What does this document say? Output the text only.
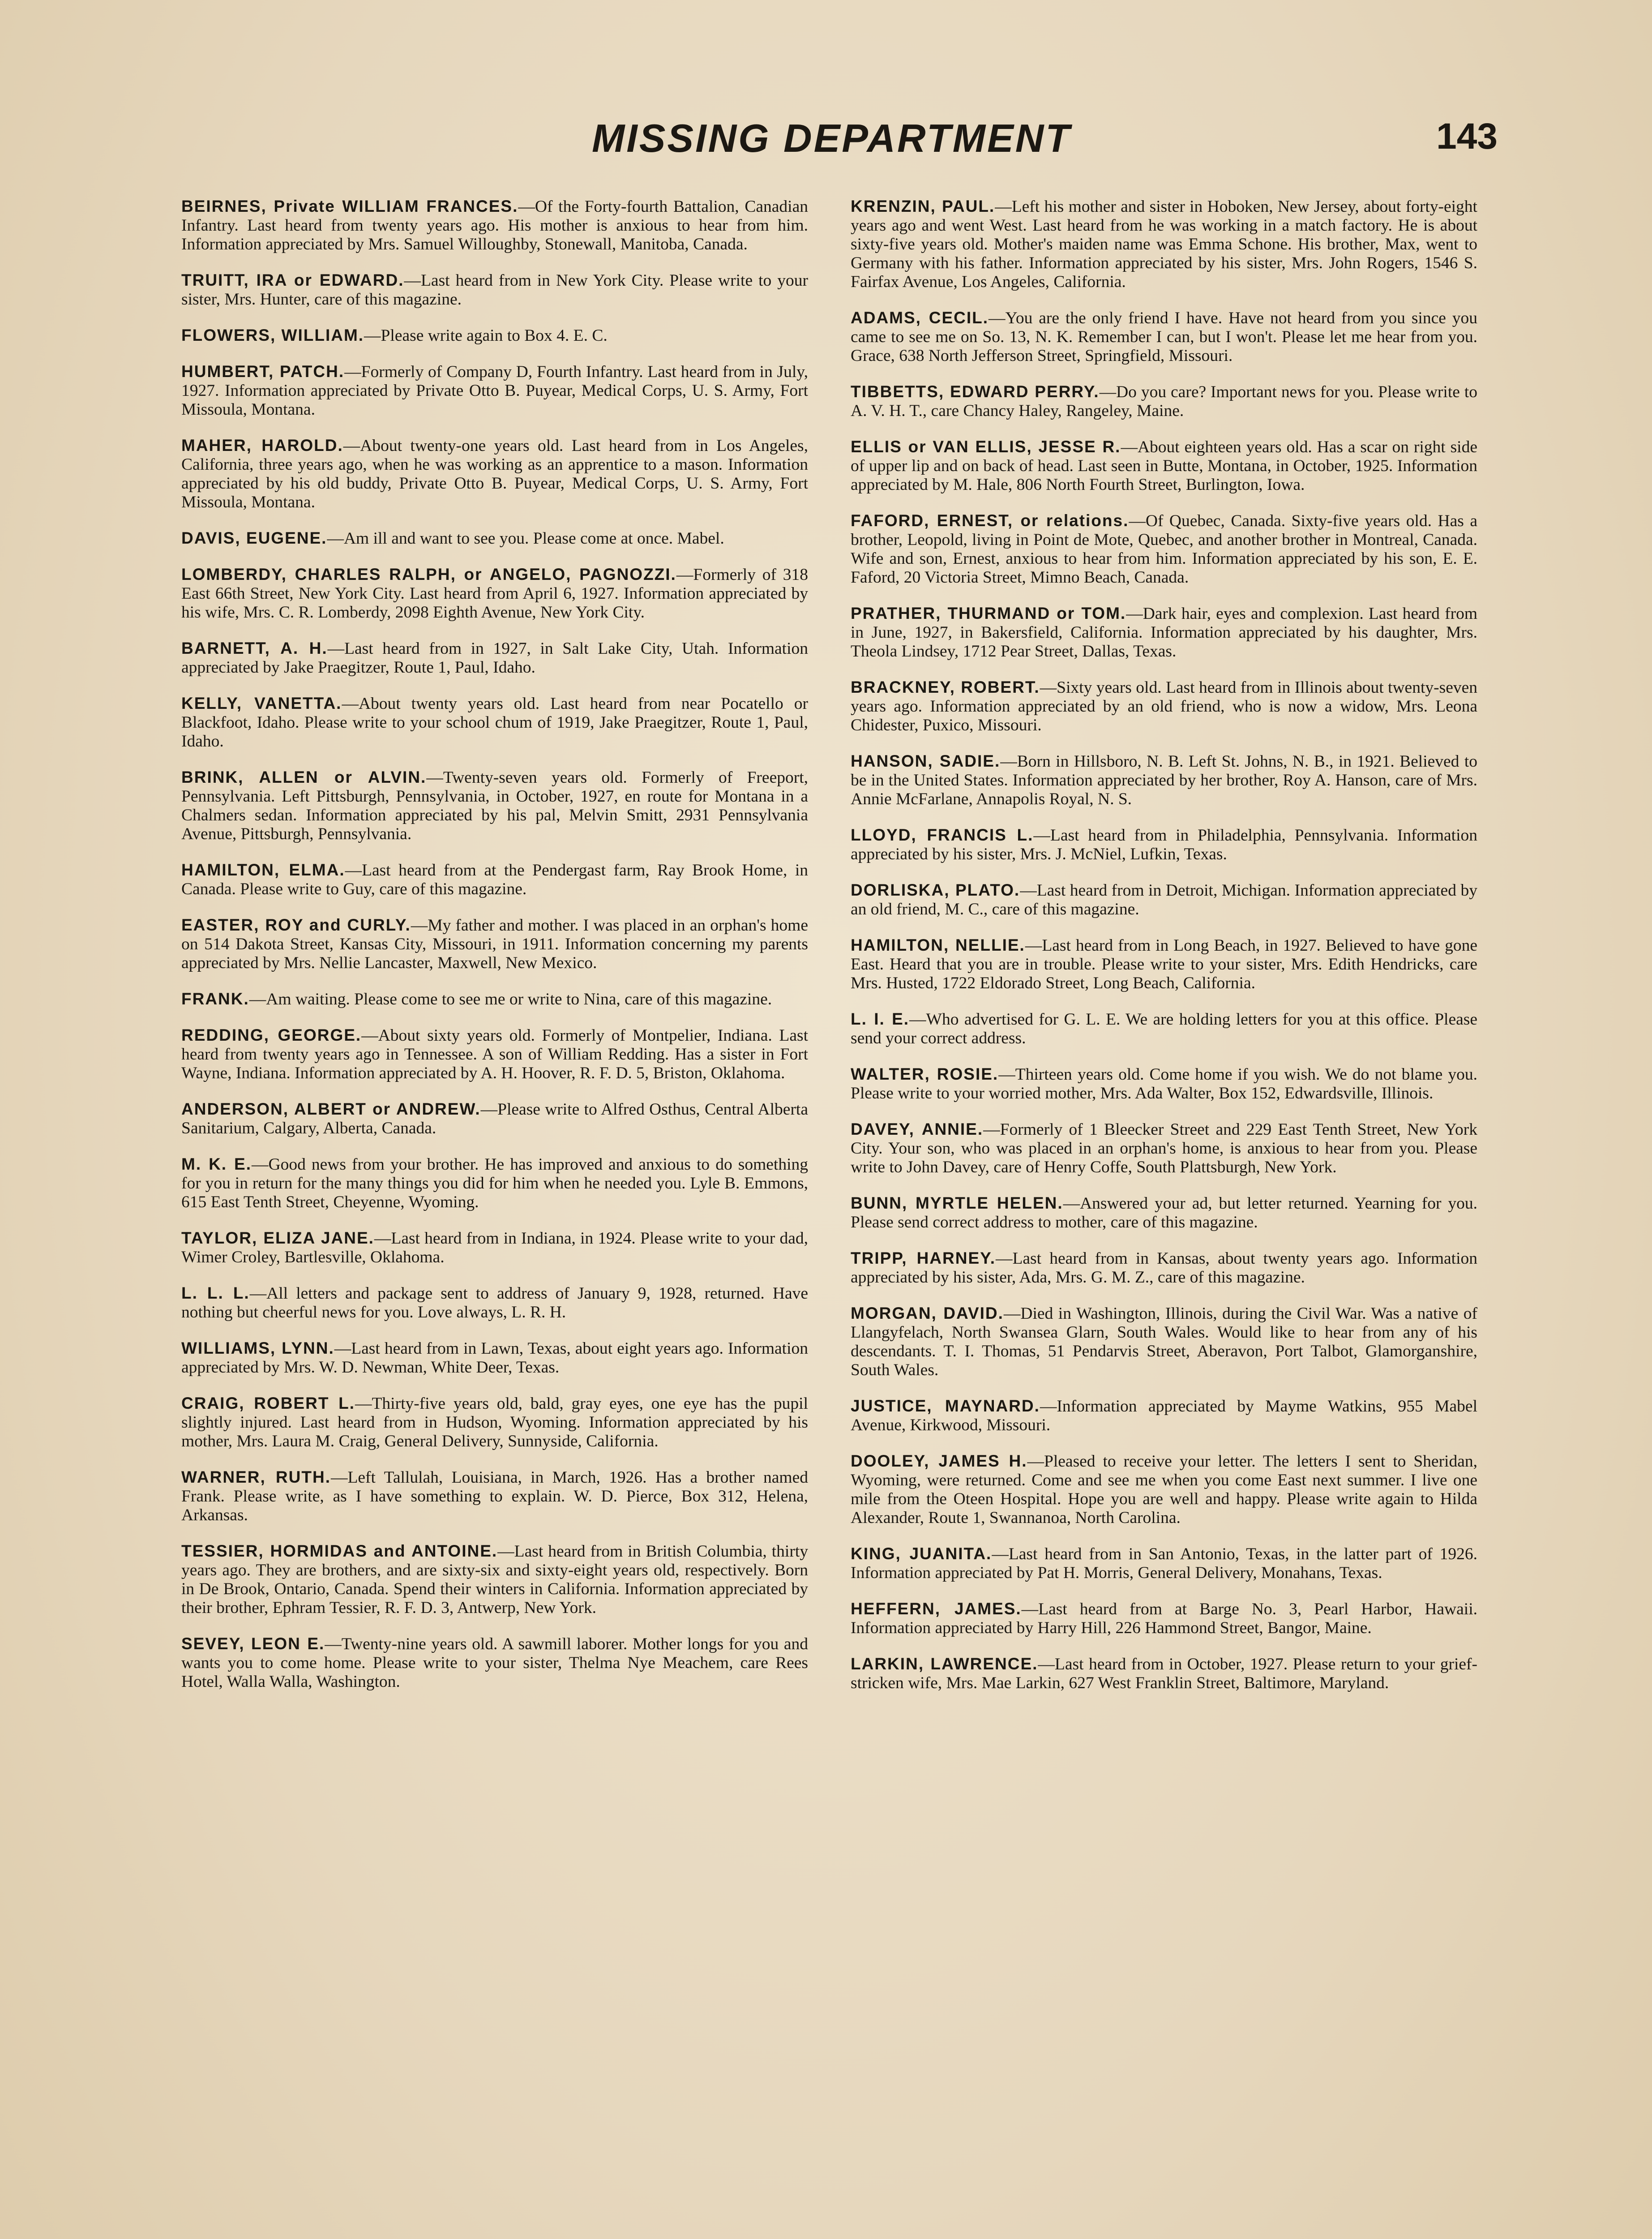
MISSING DEPARTMENT	143

BEIRNES, Private WILLIAM FRANCES.—Of the Forty-fourth Battalion, Canadian Infantry. Last heard from twenty years ago. His mother is anxious to hear from him. Information appreciated by Mrs. Samuel Willoughby, Stonewall, Manitoba, Canada.

TRUITT, IRA or EDWARD.—Last heard from in New York City. Please write to your sister, Mrs. Hunter, care of this magazine.

FLOWERS, WILLIAM.—Please write again to Box 4. E. C.

HUMBERT, PATCH.—Formerly of Company D, Fourth Infantry. Last heard from in July, 1927. Information appreciated by Private Otto B. Puyear, Medical Corps, U. S. Army, Fort Missoula, Montana.

MAHER, HAROLD.—About twenty-one years old. Last heard from in Los Angeles, California, three years ago, when he was working as an apprentice to a mason. Information appreciated by his old buddy, Private Otto B. Puyear, Medical Corps, U. S. Army, Fort Missoula, Montana.

DAVIS, EUGENE.—Am ill and want to see you. Please come at once. Mabel.

LOMBERDY, CHARLES RALPH, or ANGELO, PAGNOZZI.—Formerly of 318 East 66th Street, New York City. Last heard from April 6, 1927. Information appreciated by his wife, Mrs. C. R. Lomberdy, 2098 Eighth Avenue, New York City.

BARNETT, A. H.—Last heard from in 1927, in Salt Lake City, Utah. Information appreciated by Jake Praegitzer, Route 1, Paul, Idaho.

KELLY, VANETTA.—About twenty years old. Last heard from near Pocatello or Blackfoot, Idaho. Please write to your school chum of 1919, Jake Praegitzer, Route 1, Paul, Idaho.

BRINK, ALLEN or ALVIN.—Twenty-seven years old. Formerly of Freeport, Pennsylvania. Left Pittsburgh, Pennsylvania, in October, 1927, en route for Montana in a Chalmers sedan. Information appreciated by his pal, Melvin Smitt, 2931 Pennsylvania Avenue, Pittsburgh, Pennsylvania.

HAMILTON, ELMA.—Last heard from at the Pendergast farm, Ray Brook Home, in Canada. Please write to Guy, care of this magazine.

EASTER, ROY and CURLY.—My father and mother. I was placed in an orphan's home on 514 Dakota Street, Kansas City, Missouri, in 1911. Information concerning my parents appreciated by Mrs. Nellie Lancaster, Maxwell, New Mexico.

FRANK.—Am waiting. Please come to see me or write to Nina, care of this magazine.

REDDING, GEORGE.—About sixty years old. Formerly of Montpelier, Indiana. Last heard from twenty years ago in Tennessee. A son of William Redding. Has a sister in Fort Wayne, Indiana. Information appreciated by A. H. Hoover, R. F. D. 5, Briston, Oklahoma.

ANDERSON, ALBERT or ANDREW.—Please write to Alfred Osthus, Central Alberta Sanitarium, Calgary, Alberta, Canada.

M. K. E.—Good news from your brother. He has improved and anxious to do something for you in return for the many things you did for him when he needed you. Lyle B. Emmons, 615 East Tenth Street, Cheyenne, Wyoming.

TAYLOR, ELIZA JANE.—Last heard from in Indiana, in 1924. Please write to your dad, Wimer Croley, Bartlesville, Oklahoma.

L. L. L.—All letters and package sent to address of January 9, 1928, returned. Have nothing but cheerful news for you. Love always, L. R. H.

WILLIAMS, LYNN.—Last heard from in Lawn, Texas, about eight years ago. Information appreciated by Mrs. W. D. Newman, White Deer, Texas.

CRAIG, ROBERT L.—Thirty-five years old, bald, gray eyes, one eye has the pupil slightly injured. Last heard from in Hudson, Wyoming. Information appreciated by his mother, Mrs. Laura M. Craig, General Delivery, Sunnyside, California.

WARNER, RUTH.—Left Tallulah, Louisiana, in March, 1926. Has a brother named Frank. Please write, as I have something to explain. W. D. Pierce, Box 312, Helena, Arkansas.

TESSIER, HORMIDAS and ANTOINE.—Last heard from in British Columbia, thirty years ago. They are brothers, and are sixty-six and sixty-eight years old, respectively. Born in De Brook, Ontario, Canada. Spend their winters in California. Information appreciated by their brother, Ephram Tessier, R. F. D. 3, Antwerp, New York.

SEVEY, LEON E.—Twenty-nine years old. A sawmill laborer. Mother longs for you and wants you to come home. Please write to your sister, Thelma Nye Meachem, care Rees Hotel, Walla Walla, Washington.

KRENZIN, PAUL.—Left his mother and sister in Hoboken, New Jersey, about forty-eight years ago and went West. Last heard from he was working in a match factory. He is about sixty-five years old. Mother's maiden name was Emma Schone. His brother, Max, went to Germany with his father. Information appreciated by his sister, Mrs. John Rogers, 1546 S. Fairfax Avenue, Los Angeles, California.

ADAMS, CECIL.—You are the only friend I have. Have not heard from you since you came to see me on So. 13, N. K. Remember I can, but I won't. Please let me hear from you. Grace, 638 North Jefferson Street, Springfield, Missouri.

TIBBETTS, EDWARD PERRY.—Do you care? Important news for you. Please write to A. V. H. T., care Chancy Haley, Rangeley, Maine.

ELLIS or VAN ELLIS, JESSE R.—About eighteen years old. Has a scar on right side of upper lip and on back of head. Last seen in Butte, Montana, in October, 1925. Information appreciated by M. Hale, 806 North Fourth Street, Burlington, Iowa.

FAFORD, ERNEST, or relations.—Of Quebec, Canada. Sixty-five years old. Has a brother, Leopold, living in Point de Mote, Quebec, and another brother in Montreal, Canada. Wife and son, Ernest, anxious to hear from him. Information appreciated by his son, E. E. Faford, 20 Victoria Street, Mimno Beach, Canada.

PRATHER, THURMAND or TOM.—Dark hair, eyes and complexion. Last heard from in June, 1927, in Bakersfield, California. Information appreciated by his daughter, Mrs. Theola Lindsey, 1712 Pear Street, Dallas, Texas.

BRACKNEY, ROBERT.—Sixty years old. Last heard from in Illinois about twenty-seven years ago. Information appreciated by an old friend, who is now a widow, Mrs. Leona Chidester, Puxico, Missouri.

HANSON, SADIE.—Born in Hillsboro, N. B. Left St. Johns, N. B., in 1921. Believed to be in the United States. Information appreciated by her brother, Roy A. Hanson, care of Mrs. Annie McFarlane, Annapolis Royal, N. S.

LLOYD, FRANCIS L.—Last heard from in Philadelphia, Pennsylvania. Information appreciated by his sister, Mrs. J. McNiel, Lufkin, Texas.

DORLISKA, PLATO.—Last heard from in Detroit, Michigan. Information appreciated by an old friend, M. C., care of this magazine.

HAMILTON, NELLIE.—Last heard from in Long Beach, in 1927. Believed to have gone East. Heard that you are in trouble. Please write to your sister, Mrs. Edith Hendricks, care Mrs. Husted, 1722 Eldorado Street, Long Beach, California.

L. I. E.—Who advertised for G. L. E. We are holding letters for you at this office. Please send your correct address.

WALTER, ROSIE.—Thirteen years old. Come home if you wish. We do not blame you. Please write to your worried mother, Mrs. Ada Walter, Box 152, Edwardsville, Illinois.

DAVEY, ANNIE.—Formerly of 1 Bleecker Street and 229 East Tenth Street, New York City. Your son, who was placed in an orphan's home, is anxious to hear from you. Please write to John Davey, care of Henry Coffe, South Plattsburgh, New York.

BUNN, MYRTLE HELEN.—Answered your ad, but letter returned. Yearning for you. Please send correct address to mother, care of this magazine.

TRIPP, HARNEY.—Last heard from in Kansas, about twenty years ago. Information appreciated by his sister, Ada, Mrs. G. M. Z., care of this magazine.

MORGAN, DAVID.—Died in Washington, Illinois, during the Civil War. Was a native of Llangyfelach, North Swansea Glarn, South Wales. Would like to hear from any of his descendants. T. I. Thomas, 51 Pendarvis Street, Aberavon, Port Talbot, Glamorganshire, South Wales.

JUSTICE, MAYNARD.—Information appreciated by Mayme Watkins, 955 Mabel Avenue, Kirkwood, Missouri.

DOOLEY, JAMES H.—Pleased to receive your letter. The letters I sent to Sheridan, Wyoming, were returned. Come and see me when you come East next summer. I live one mile from the Oteen Hospital. Hope you are well and happy. Please write again to Hilda Alexander, Route 1, Swannanoa, North Carolina.

KING, JUANITA.—Last heard from in San Antonio, Texas, in the latter part of 1926. Information appreciated by Pat H. Morris, General Delivery, Monahans, Texas.

HEFFERN, JAMES.—Last heard from at Barge No. 3, Pearl Harbor, Hawaii. Information appreciated by Harry Hill, 226 Hammond Street, Bangor, Maine.

LARKIN, LAWRENCE.—Last heard from in October, 1927. Please return to your grief-stricken wife, Mrs. Mae Larkin, 627 West Franklin Street, Baltimore, Maryland.
